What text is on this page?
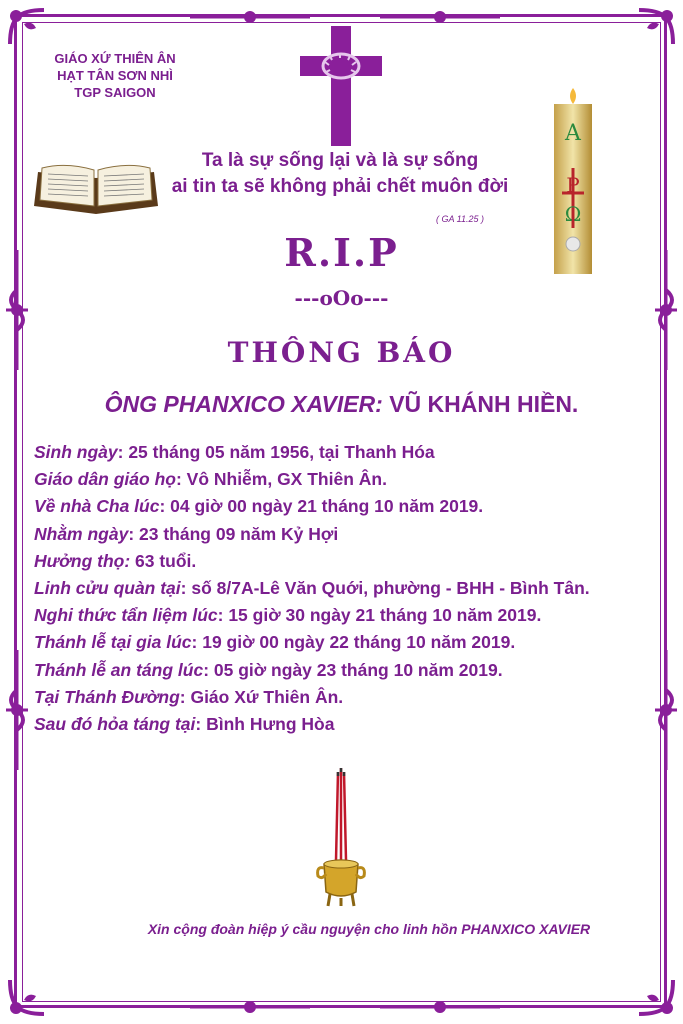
GIÁO XỨ THIÊN ÂN
HẠT TÂN SƠN NHÌ
TGP SAIGON
Ta là sự sống lại và là sự sống
ai tin ta sẽ không phải chết muôn đời
( GA 11.25 )
Α
Ρ
Ω
R.I.P
---oOo---
THÔNG BÁO
ÔNG PHANXICO XAVIER: VŨ KHÁNH HIỀN.
Sinh ngày: 25 tháng 05 năm 1956, tại Thanh Hóa
Giáo dân giáo họ: Vô Nhiễm, GX Thiên Ân.
Về nhà Cha lúc: 04 giờ 00 ngày 21 tháng 10 năm 2019.
Nhằm ngày: 23 tháng 09 năm Kỷ Hợi
Hưởng thọ: 63 tuổi.
Linh cửu quàn tại: số 8/7A-Lê Văn Quới, phường - BHH - Bình Tân.
Nghi thức tẩn liệm lúc: 15 giờ 30 ngày 21 tháng 10 năm 2019.
Thánh lễ tại gia lúc: 19 giờ 00 ngày 22 tháng 10 năm 2019.
Thánh lễ an táng lúc: 05 giờ ngày 23 tháng 10 năm 2019.
Tại Thánh Đường: Giáo Xứ Thiên Ân.
Sau đó hỏa táng tại: Bình Hưng Hòa
Xin cộng đoàn hiệp ý cầu nguyện cho linh hồn PHANXICO XAVIER
